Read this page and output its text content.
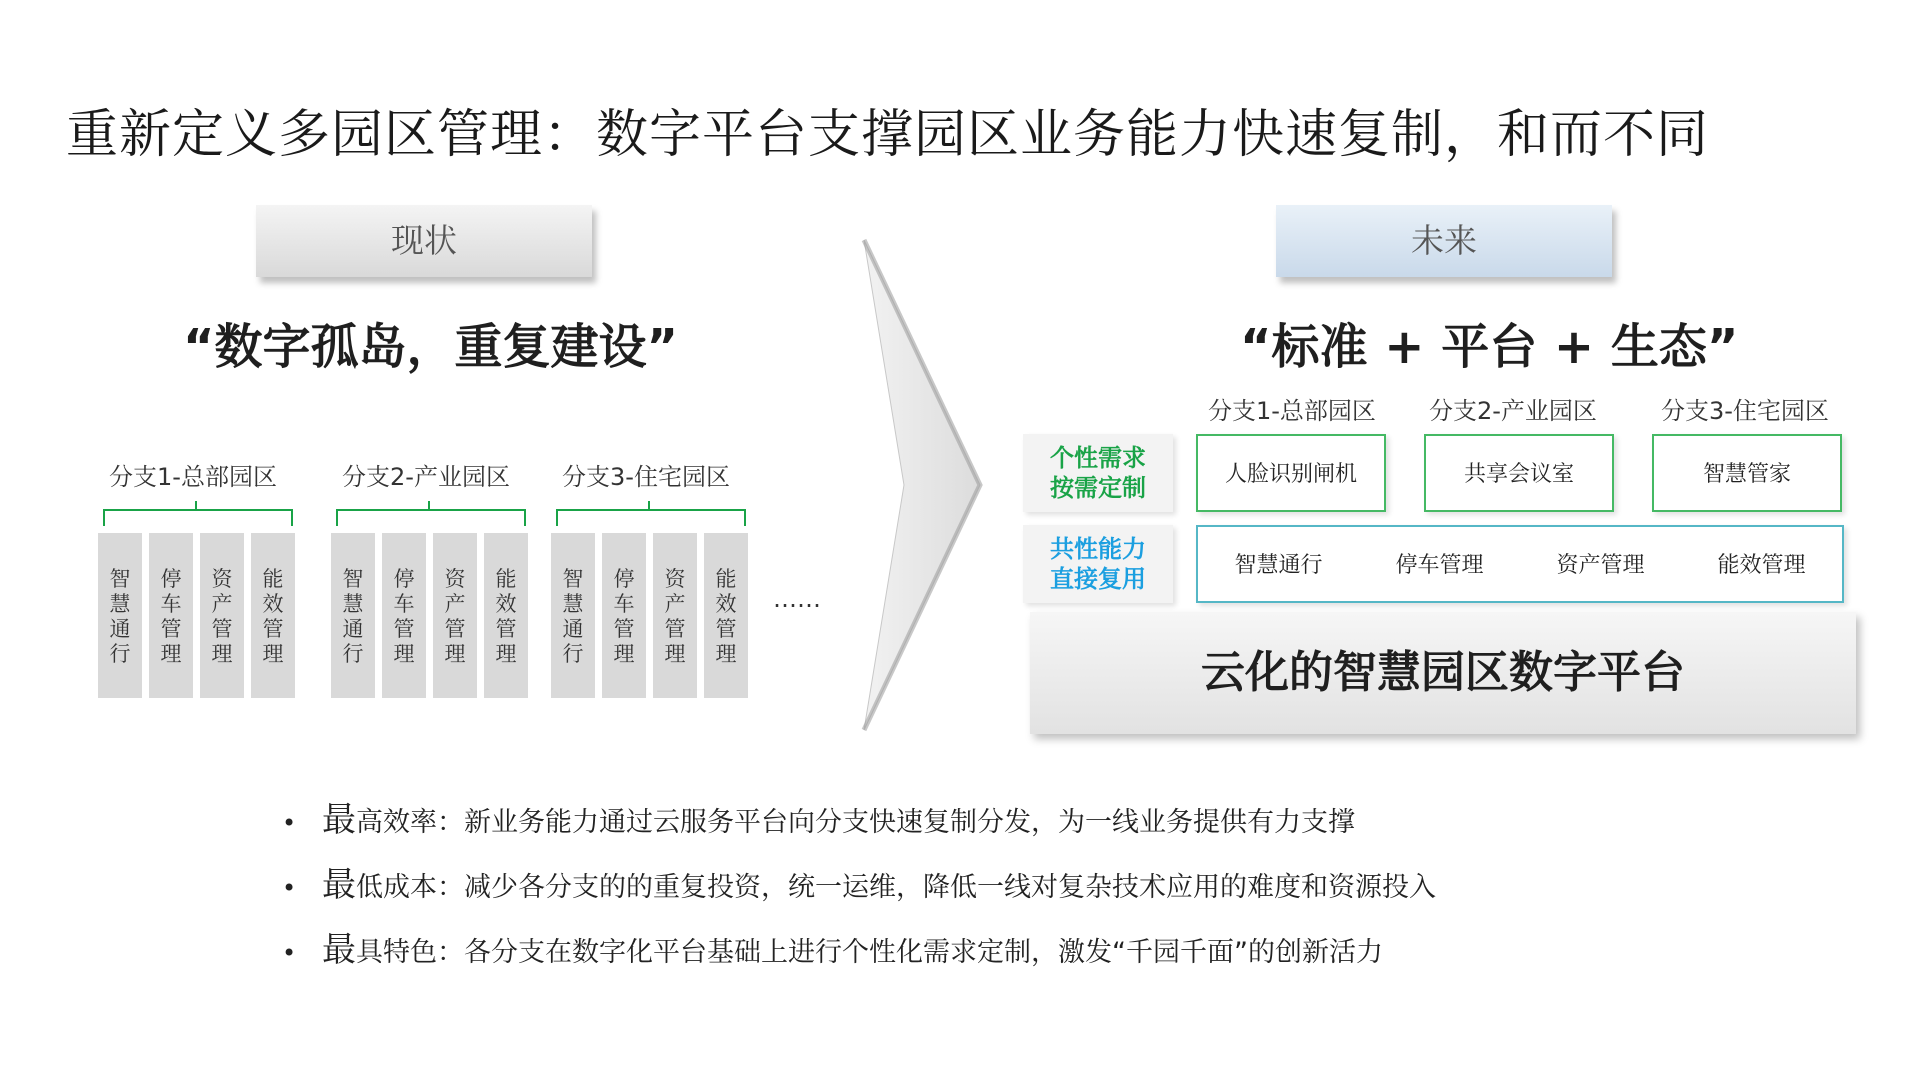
重新定义多园区管理：数字平台支撑园区业务能力快速复制，和而不同
现状	未来
“数字孤岛，重复建设”	“标准 + 平台 + 生态”
分支1-总部园区
智
慧
通
行
停
车
管
理
资
产
管
理
能
效
管
理
分支2-产业园区
智
慧
通
行
停
车
管
理
资
产
管
理
能
效
管
理
分支3-住宅园区
智
慧
通
行
停
车
管
理
资
产
管
理
能
效
管
理
……
分支1-总部园区 分支2-产业园区	分支3-住宅园区
个性需求
按需定制
共性能力
直接复用
人脸识别闸机	共享会议室	智慧管家
智慧通行	停车管理	资产管理	能效管理
云化的智慧园区数字平台
• 最高效率：新业务能力通过云服务平台向分支快速复制分发，为一线业务提供有力支撑
• 最低成本：减少各分支的的重复投资，统一运维，降低一线对复杂技术应用的难度和资源投入
• 最具特色：各分支在数字化平台基础上进行个性化需求定制，激发“千园千面”的创新活力
